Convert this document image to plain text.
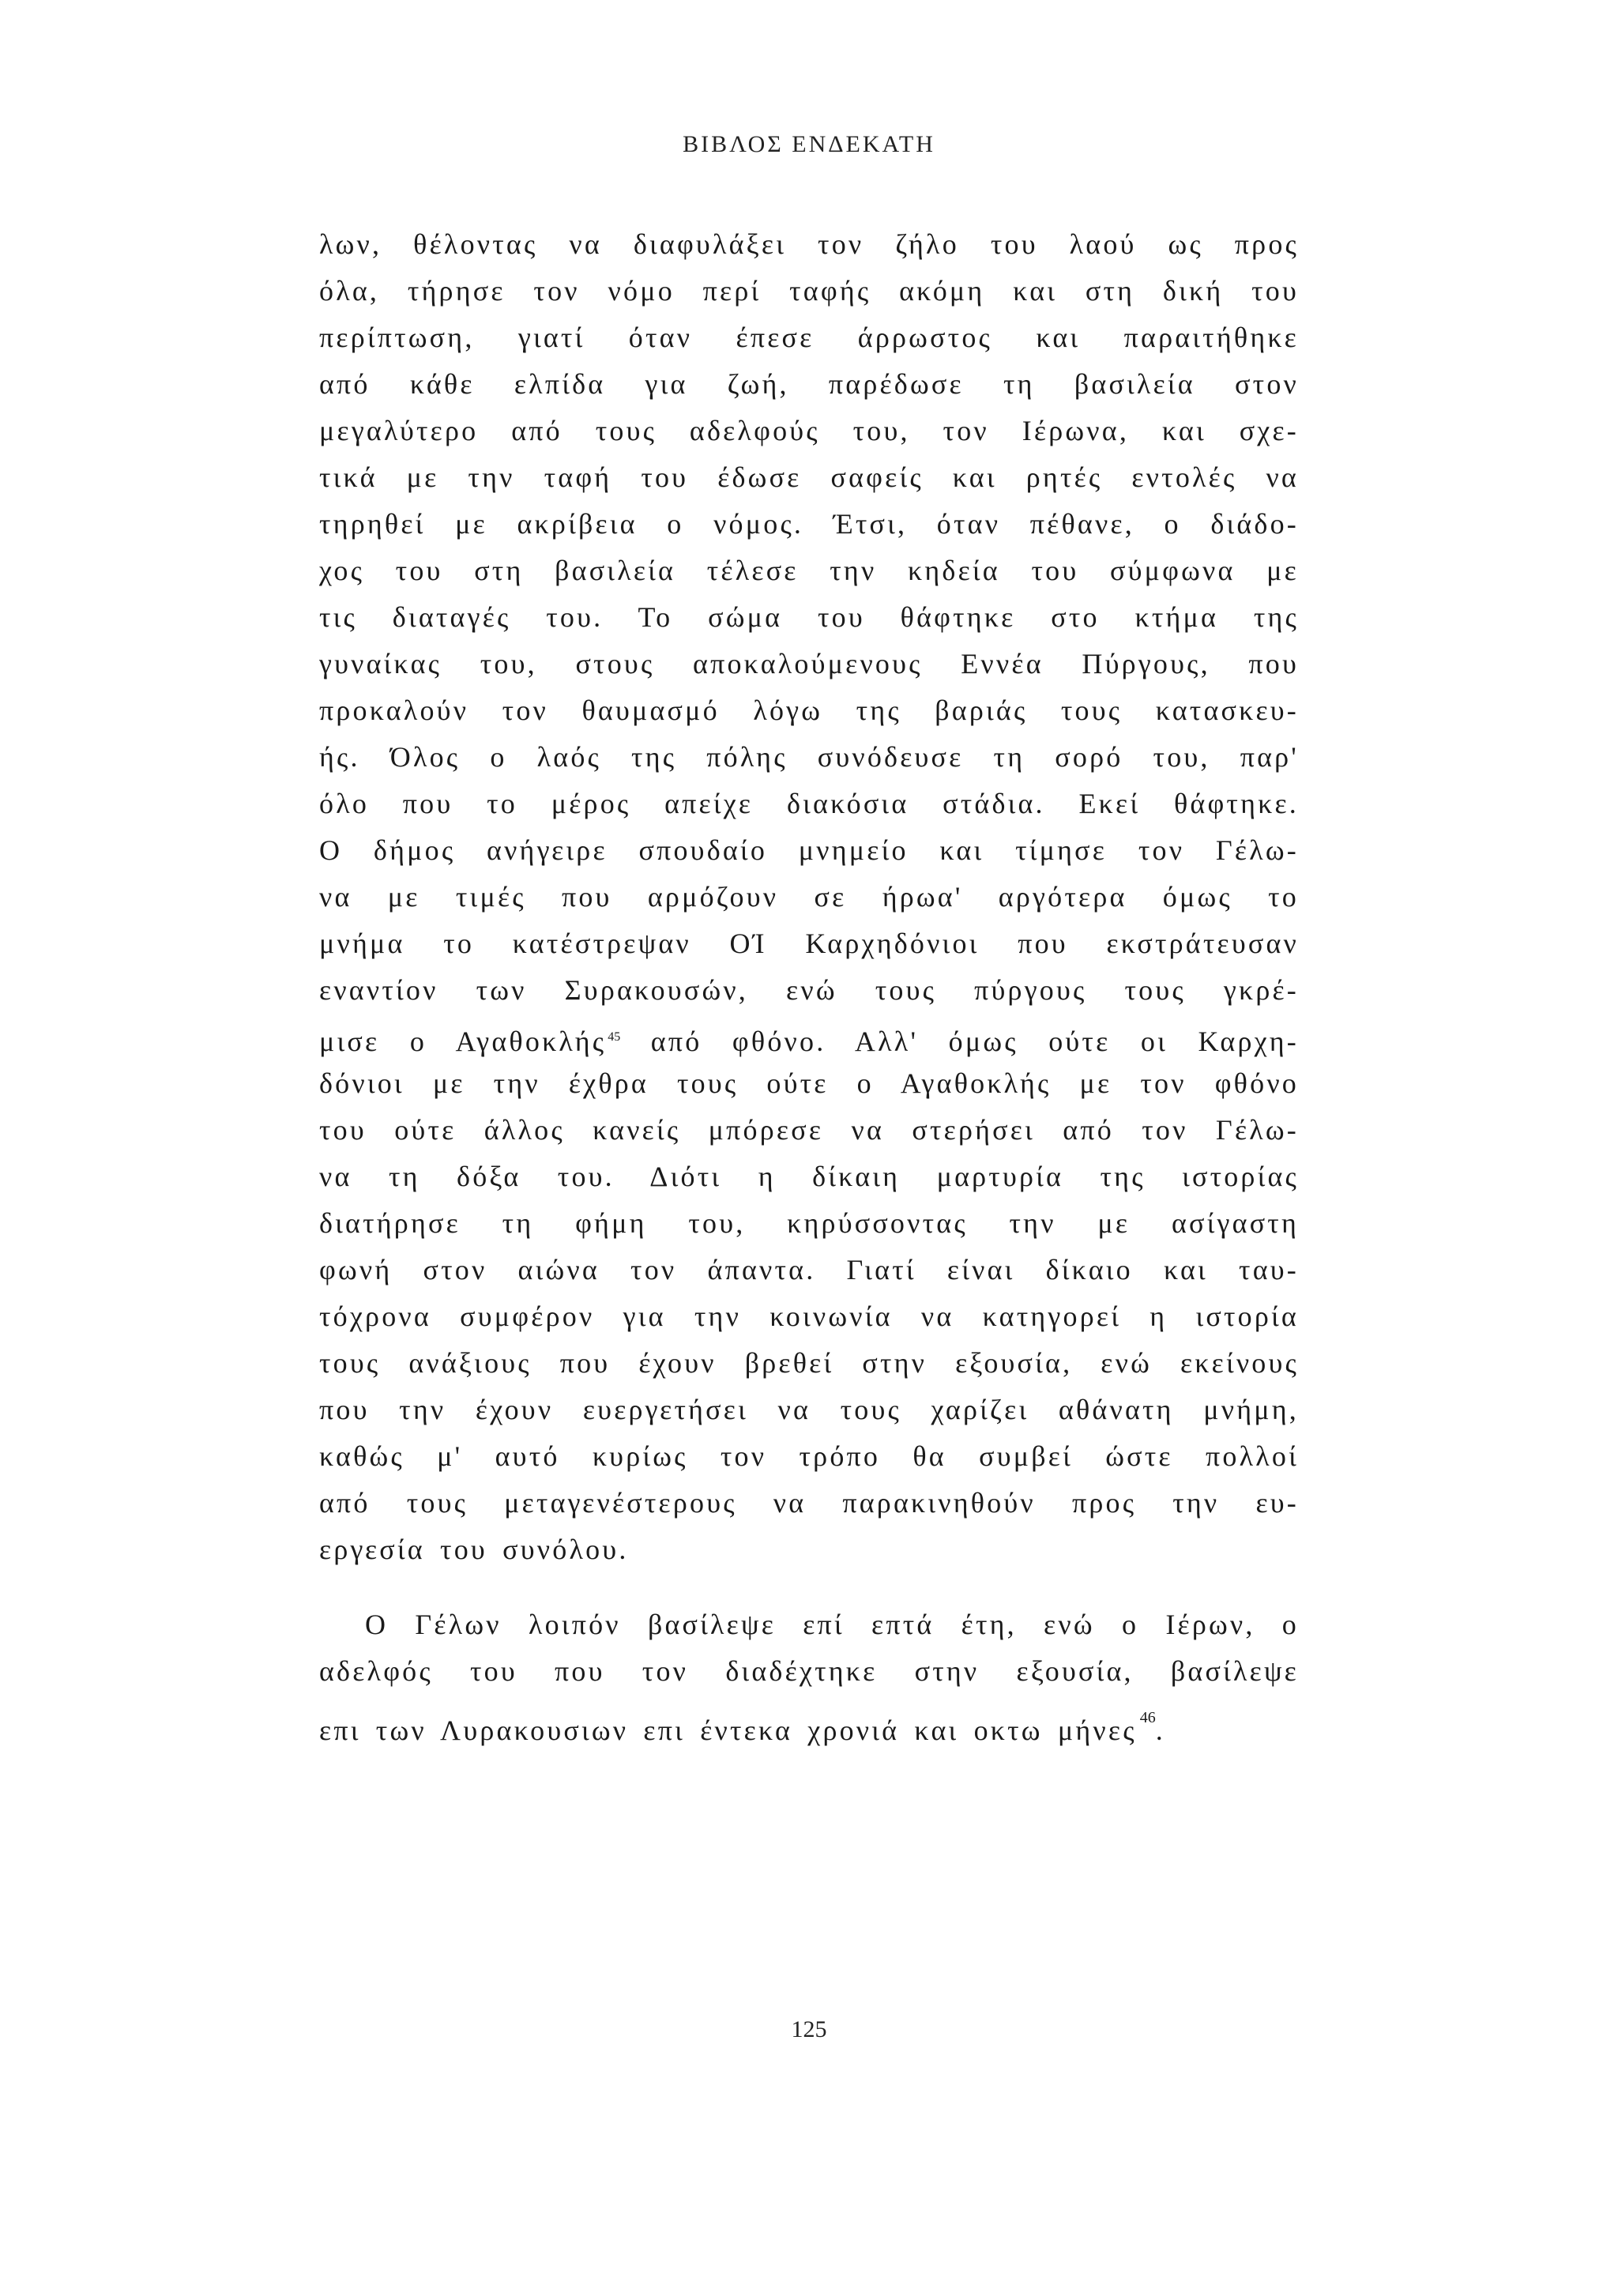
ΒΙΒΛΟΣ ΕΝΔΕΚΑΤΗ
λων, θέλοντας να διαφυλάξει τον ζήλο του λαού ως προς
όλα, τήρησε τον νόμο περί ταφής ακόμη και στη δική του
περίπτωση, γιατί όταν έπεσε άρρωστος και παραιτήθηκε
από κάθε ελπίδα για ζωή, παρέδωσε τη βασιλεία στον
μεγαλύτερο από τους αδελφούς του, τον Ιέρωνα, και σχε-
τικά με την ταφή του έδωσε σαφείς και ρητές εντολές να
τηρηθεί με ακρίβεια ο νόμος. Έτσι, όταν πέθανε, ο διάδο-
χος του στη βασιλεία τέλεσε την κηδεία του σύμφωνα με
τις διαταγές του. Το σώμα του θάφτηκε στο κτήμα της
γυναίκας του, στους αποκαλούμενους Εννέα Πύργους, που
προκαλούν τον θαυμασμό λόγω της βαριάς τους κατασκευ-
ής. Όλος ο λαός της πόλης συνόδευσε τη σορό του, παρ'
όλο που το μέρος απείχε διακόσια στάδια. Εκεί θάφτηκε.
Ο δήμος ανήγειρε σπουδαίο μνημείο και τίμησε τον Γέλω-
να με τιμές που αρμόζουν σε ήρωα' αργότερα όμως το
μνήμα το κατέστρεψαν ΟΊ Καρχηδόνιοι που εκστράτευσαν
εναντίον των Συρακουσών, ενώ τους πύργους τους γκρέ-
μισε ο Αγαθοκλής $^{45}$ από φθόνο. Αλλ' όμως ούτε οι Καρχη-
δόνιοι με την έχθρα τους ούτε ο Αγαθοκλής με τον φθόνο
του ούτε άλλος κανείς μπόρεσε να στερήσει από τον Γέλω-
να τη δόξα του. Διότι η δίκαιη μαρτυρία της ιστορίας
διατήρησε τη φήμη του, κηρύσσοντας την με ασίγαστη
φωνή στον αιώνα τον άπαντα. Γιατί είναι δίκαιο και ταυ-
τόχρονα συμφέρον για την κοινωνία να κατηγορεί η ιστορία
τους ανάξιους που έχουν βρεθεί στην εξουσία, ενώ εκείνους
που την έχουν ευεργετήσει να τους χαρίζει αθάνατη μνήμη,
καθώς μ' αυτό κυρίως τον τρόπο θα συμβεί ώστε πολλοί
από τους μεταγενέστερους να παρακινηθούν προς την ευ-
εργεσία του συνόλου.
Ο Γέλων λοιπόν βασίλεψε επί επτά έτη, ενώ ο Ιέρων, ο
αδελφός του που τον διαδέχτηκε στην εξουσία, βασίλεψε
επι των Λυρακουσιων επι έντεκα χρονιά και οκτω μήνες $^{46}$.
125
